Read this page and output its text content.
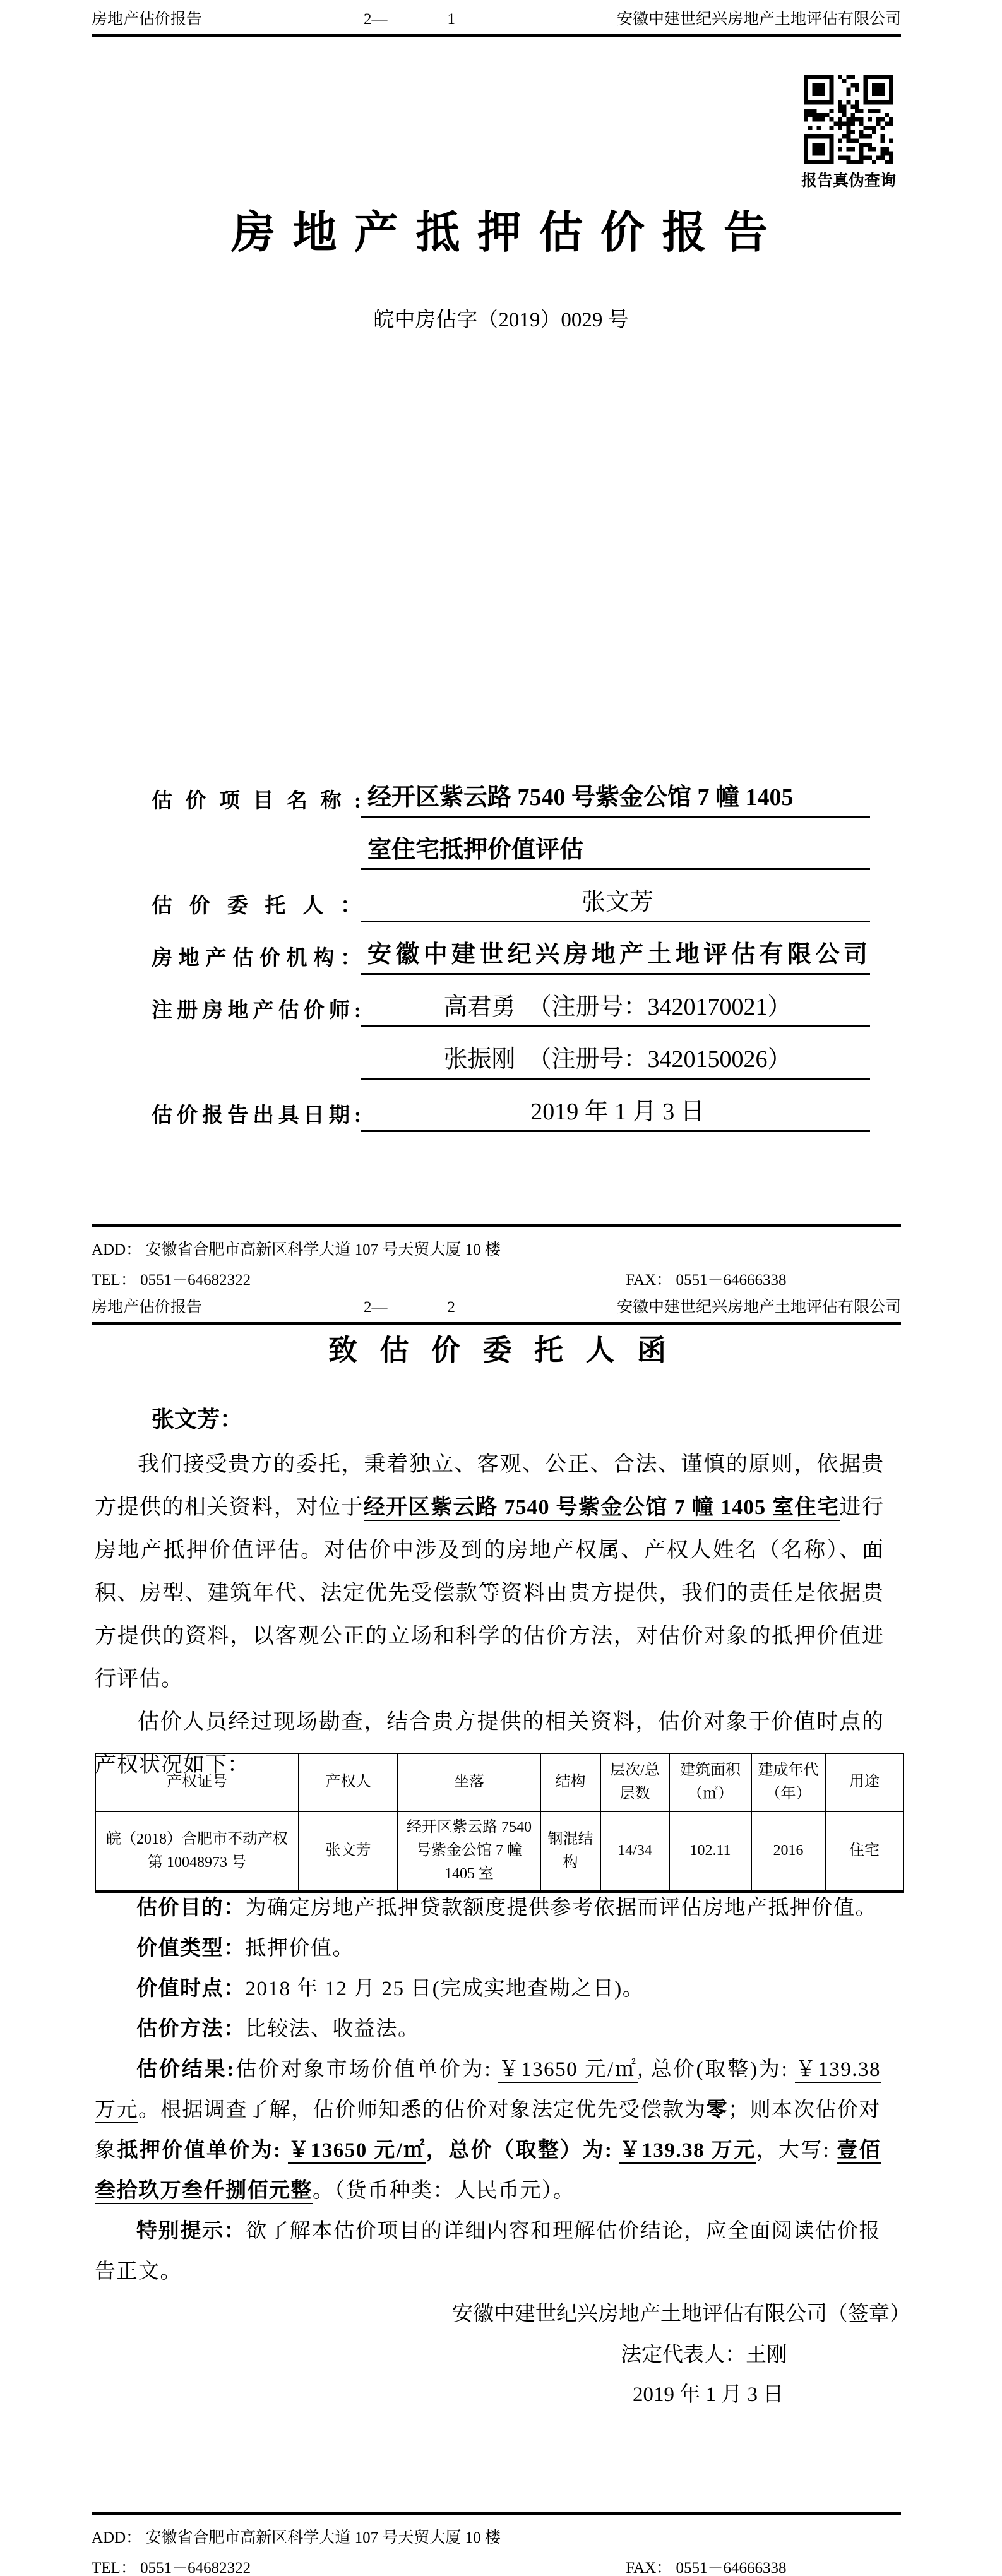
房地产估价报告	2—	1	安徽中建世纪兴房地产土地评估有限公司
报告真伪查询
房 地 产 抵 押 估 价 报 告
皖中房估字（2019）0029 号
估价项目名称: 经开区紫云路 7540 号紫金公馆 7 幢 1405
室住宅抵押价值评估
估价委托人：	张文芳
房地产估价机构： 安徽中建世纪兴房地产土地评估有限公司
注册房地产估价师:	高君勇　（注册号：3420170021）
张振刚　（注册号：3420150026）
估价报告出具日期:	2019 年 1 月 3 日
ADD： 安徽省合肥市高新区科学大道 107 号天贸大厦 10 楼
TEL： 0551－64682322	FAX： 0551－64666338
房地产估价报告	2—	2	安徽中建世纪兴房地产土地评估有限公司
致 估 价 委 托 人 函
张文芳：

我们接受贵方的委托，秉着独立、客观、公正、合法、谨慎的原则，依据贵方提供的相关资料，对位于经开区紫云路 7540 号紫金公馆 7 幢 1405 室住宅进行房地产抵押价值评估。对估价中涉及到的房地产权属、产权人姓名（名称）、面积、房型、建筑年代、法定优先受偿款等资料由贵方提供，我们的责任是依据贵方提供的资料，以客观公正的立场和科学的估价方法，对估价对象的抵押价值进行评估。

估价人员经过现场勘查，结合贵方提供的相关资料，估价对象于价值时点的产权状况如下：

产权证号	产权人	坐落	结构	层次/总层数	建筑面积（㎡）	建成年代（年）	用途
皖（2018）合肥市不动产权第 10048973 号	张文芳	经开区紫云路 7540 号紫金公馆 7 幢 1405 室	钢混结构	14/34	102.11	2016	住宅

估价目的：为确定房地产抵押贷款额度提供参考依据而评估房地产抵押价值。

价值类型：抵押价值。

价值时点：2018 年 12 月 25 日(完成实地查勘之日)。

估价方法：比较法、收益法。

估价结果:估价对象市场价值单价为: ￥13650 元/㎡, 总价(取整)为: ￥139.38 万元。根据调查了解，估价师知悉的估价对象法定优先受偿款为零；则本次估价对象抵押价值单价为: ￥13650 元/㎡，总价（取整）为: ￥139.38 万元，大写: 壹佰叁拾玖万叁仟捌佰元整。（货币种类：人民币元）。

特别提示：欲了解本估价项目的详细内容和理解估价结论，应全面阅读估价报告正文。

安徽中建世纪兴房地产土地评估有限公司（签章）
法定代表人：王刚
2019 年 1 月 3 日
ADD： 安徽省合肥市高新区科学大道 107 号天贸大厦 10 楼
TEL： 0551－64682322	FAX： 0551－64666338
